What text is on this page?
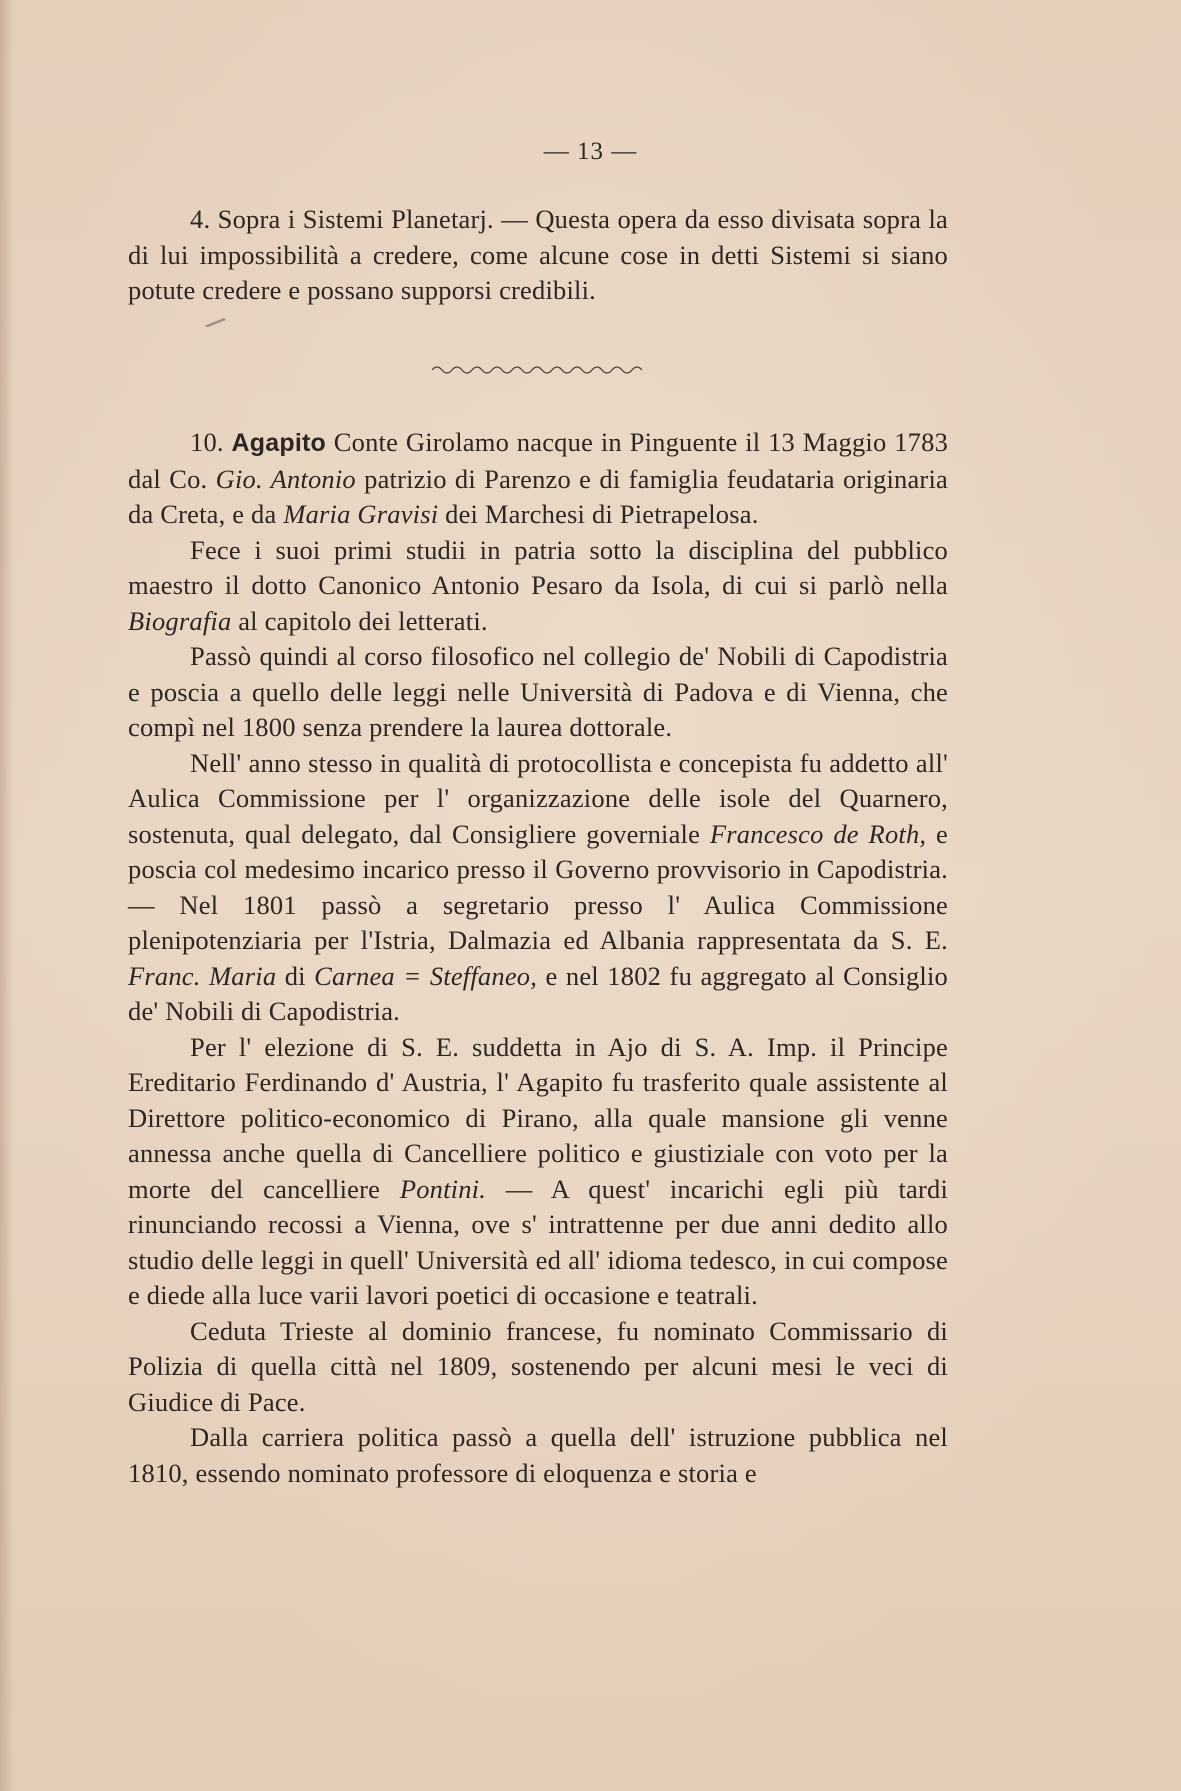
— 13 —

4. Sopra i Sistemi Planetarj. — Questa opera da esso divisata sopra la di lui impossibilità a credere, come alcune cose in detti Sistemi si siano potute credere e possano supporsi credibili.

10. Agapito Conte Girolamo nacque in Pinguente il 13 Maggio 1783 dal Co. Gio. Antonio patrizio di Parenzo e di famiglia feudataria originaria da Creta, e da Maria Gravisi dei Marchesi di Pietrapelosa.

Fece i suoi primi studii in patria sotto la disciplina del pubblico maestro il dotto Canonico Antonio Pesaro da Isola, di cui si parlò nella Biografia al capitolo dei letterati.

Passò quindi al corso filosofico nel collegio de' Nobili di Capodistria e poscia a quello delle leggi nelle Università di Padova e di Vienna, che compì nel 1800 senza prendere la laurea dottorale.

Nell' anno stesso in qualità di protocollista e concepista fu addetto all' Aulica Commissione per l' organizzazione delle isole del Quarnero, sostenuta, qual delegato, dal Consigliere governiale Francesco de Roth, e poscia col medesimo incarico presso il Governo provvisorio in Capodistria. — Nel 1801 passò a segretario presso l' Aulica Commissione plenipotenziaria per l'Istria, Dalmazia ed Albania rappresentata da S. E. Franc. Maria di Carnea = Steffaneo, e nel 1802 fu aggregato al Consiglio de' Nobili di Capodistria.

Per l' elezione di S. E. suddetta in Ajo di S. A. Imp. il Principe Ereditario Ferdinando d' Austria, l' Agapito fu trasferito quale assistente al Direttore politico-economico di Pirano, alla quale mansione gli venne annessa anche quella di Cancelliere politico e giustiziale con voto per la morte del cancelliere Pontini. — A quest' incarichi egli più tardi rinunciando recossi a Vienna, ove s' intrattenne per due anni dedito allo studio delle leggi in quell' Università ed all' idioma tedesco, in cui compose e diede alla luce varii lavori poetici di occasione e teatrali.

Ceduta Trieste al dominio francese, fu nominato Commissario di Polizia di quella città nel 1809, sostenendo per alcuni mesi le veci di Giudice di Pace.

Dalla carriera politica passò a quella dell' istruzione pubblica nel 1810, essendo nominato professore di eloquenza e storia e
